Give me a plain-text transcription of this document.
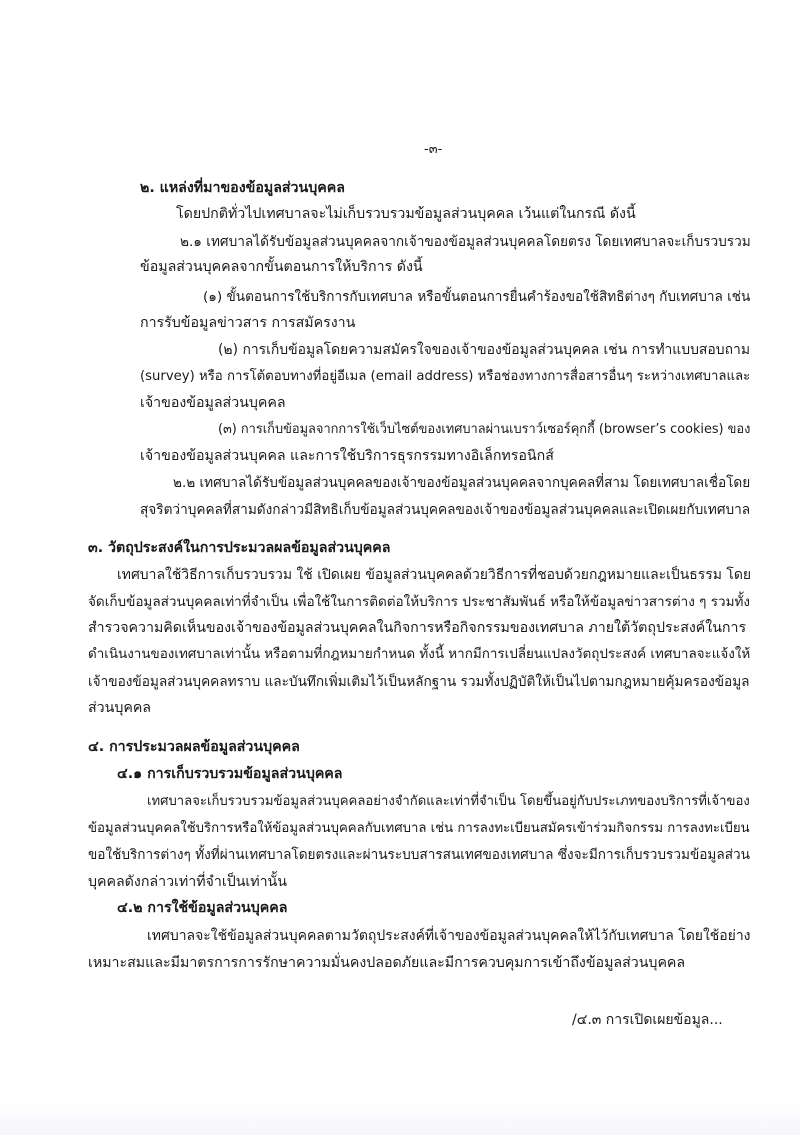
-๓-
๒. แหล่งที่มาของข้อมูลส่วนบุคคล
โดยปกติทั่วไปเทศบาลจะไม่เก็บรวบรวมข้อมูลส่วนบุคคล เว้นแต่ในกรณี ดังนี้
๒.๑ เทศบาลได้รับข้อมูลส่วนบุคคลจากเจ้าของข้อมูลส่วนบุคคลโดยตรง โดยเทศบาลจะเก็บรวบรวม
ข้อมูลส่วนบุคคลจากขั้นตอนการให้บริการ ดังนี้
(๑) ขั้นตอนการใช้บริการกับเทศบาล หรือขั้นตอนการยื่นคำร้องขอใช้สิทธิต่างๆ กับเทศบาล เช่น
การรับข้อมูลข่าวสาร การสมัครงาน
(๒) การเก็บข้อมูลโดยความสมัครใจของเจ้าของข้อมูลส่วนบุคคล เช่น การทำแบบสอบถาม
(survey) หรือ การโต้ตอบทางที่อยู่อีเมล (email address) หรือช่องทางการสื่อสารอื่นๆ ระหว่างเทศบาลและ
เจ้าของข้อมูลส่วนบุคคล
(๓) การเก็บข้อมูลจากการใช้เว็บไซต์ของเทศบาลผ่านเบราว์เซอร์คุกกี้ (browser’s cookies) ของ
เจ้าของข้อมูลส่วนบุคคล และการใช้บริการธุรกรรมทางอิเล็กทรอนิกส์
๒.๒ เทศบาลได้รับข้อมูลส่วนบุคคลของเจ้าของข้อมูลส่วนบุคคลจากบุคคลที่สาม โดยเทศบาลเชื่อโดย
สุจริตว่าบุคคลที่สามดังกล่าวมีสิทธิเก็บข้อมูลส่วนบุคคลของเจ้าของข้อมูลส่วนบุคคลและเปิดเผยกับเทศบาล
๓. วัตถุประสงค์ในการประมวลผลข้อมูลส่วนบุคคล
เทศบาลใช้วิธีการเก็บรวบรวม ใช้ เปิดเผย ข้อมูลส่วนบุคคลด้วยวิธีการที่ชอบด้วยกฎหมายและเป็นธรรม โดย
จัดเก็บข้อมูลส่วนบุคคลเท่าที่จำเป็น เพื่อใช้ในการติดต่อให้บริการ ประชาสัมพันธ์ หรือให้ข้อมูลข่าวสารต่าง ๆ รวมทั้ง
สำรวจความคิดเห็นของเจ้าของข้อมูลส่วนบุคคลในกิจการหรือกิจกรรมของเทศบาล ภายใต้วัตถุประสงค์ในการ
ดำเนินงานของเทศบาลเท่านั้น หรือตามที่กฎหมายกำหนด ทั้งนี้ หากมีการเปลี่ยนแปลงวัตถุประสงค์ เทศบาลจะแจ้งให้
เจ้าของข้อมูลส่วนบุคคลทราบ และบันทึกเพิ่มเติมไว้เป็นหลักฐาน รวมทั้งปฏิบัติให้เป็นไปตามกฎหมายคุ้มครองข้อมูล
ส่วนบุคคล
๔. การประมวลผลข้อมูลส่วนบุคคล
๔.๑ การเก็บรวบรวมข้อมูลส่วนบุคคล
เทศบาลจะเก็บรวบรวมข้อมูลส่วนบุคคลอย่างจำกัดและเท่าที่จำเป็น โดยขึ้นอยู่กับประเภทของบริการที่เจ้าของ
ข้อมูลส่วนบุคคลใช้บริการหรือให้ข้อมูลส่วนบุคคลกับเทศบาล เช่น การลงทะเบียนสมัครเข้าร่วมกิจกรรม การลงทะเบียน
ขอใช้บริการต่างๆ ทั้งที่ผ่านเทศบาลโดยตรงและผ่านระบบสารสนเทศของเทศบาล ซึ่งจะมีการเก็บรวบรวมข้อมูลส่วน
บุคคลดังกล่าวเท่าที่จำเป็นเท่านั้น
๔.๒ การใช้ข้อมูลส่วนบุคคล
เทศบาลจะใช้ข้อมูลส่วนบุคคลตามวัตถุประสงค์ที่เจ้าของข้อมูลส่วนบุคคลให้ไว้กับเทศบาล โดยใช้อย่าง
เหมาะสมและมีมาตรการการรักษาความมั่นคงปลอดภัยและมีการควบคุมการเข้าถึงข้อมูลส่วนบุคคล
/๔.๓ การเปิดเผยข้อมูล...
